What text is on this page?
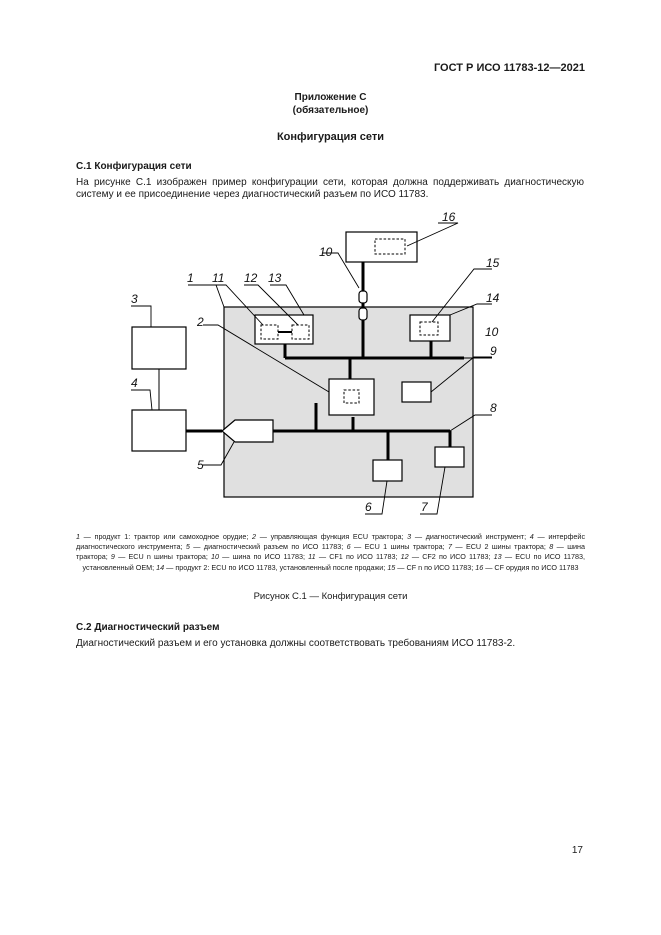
ГОСТ Р ИСО 11783-12—2021
Приложение С
(обязательное)
Конфигурация сети
С.1 Конфигурация сети
На рисунке С.1 изображен пример конфигурации сети, которая должна поддерживать диагностическую систему и ее присоединение через диагностический разъем по ИСО 11783.
1
2
3
4
5
6	7
8
9
10
10
11 12 13
14
15
16
1 — продукт 1: трактор или самоходное орудие; 2 — управляющая функция ECU трактора; 3 — диагностический инструмент; 4 — интерфейс диагностического инструмента; 5 — диагностический разъем по ИСО 11783; 6 — ECU 1 шины трактора; 7 — ECU 2 шины трактора; 8 — шина трактора; 9 — ECU n шины трактора; 10 — шина по ИСО 11783; 11 — CF1 по ИСО 11783; 12 — CF2 по ИСО 11783; 13 — ECU по ИСО 11783, установленный OEM; 14 — продукт 2: ECU по ИСО 11783, установленный после продажи; 15 — CF n по ИСО 11783; 16 — CF орудия по ИСО 11783
Рисунок С.1 — Конфигурация сети
С.2 Диагностический разъем
Диагностический разъем и его установка должны соответствовать требованиям ИСО 11783-2.
17
